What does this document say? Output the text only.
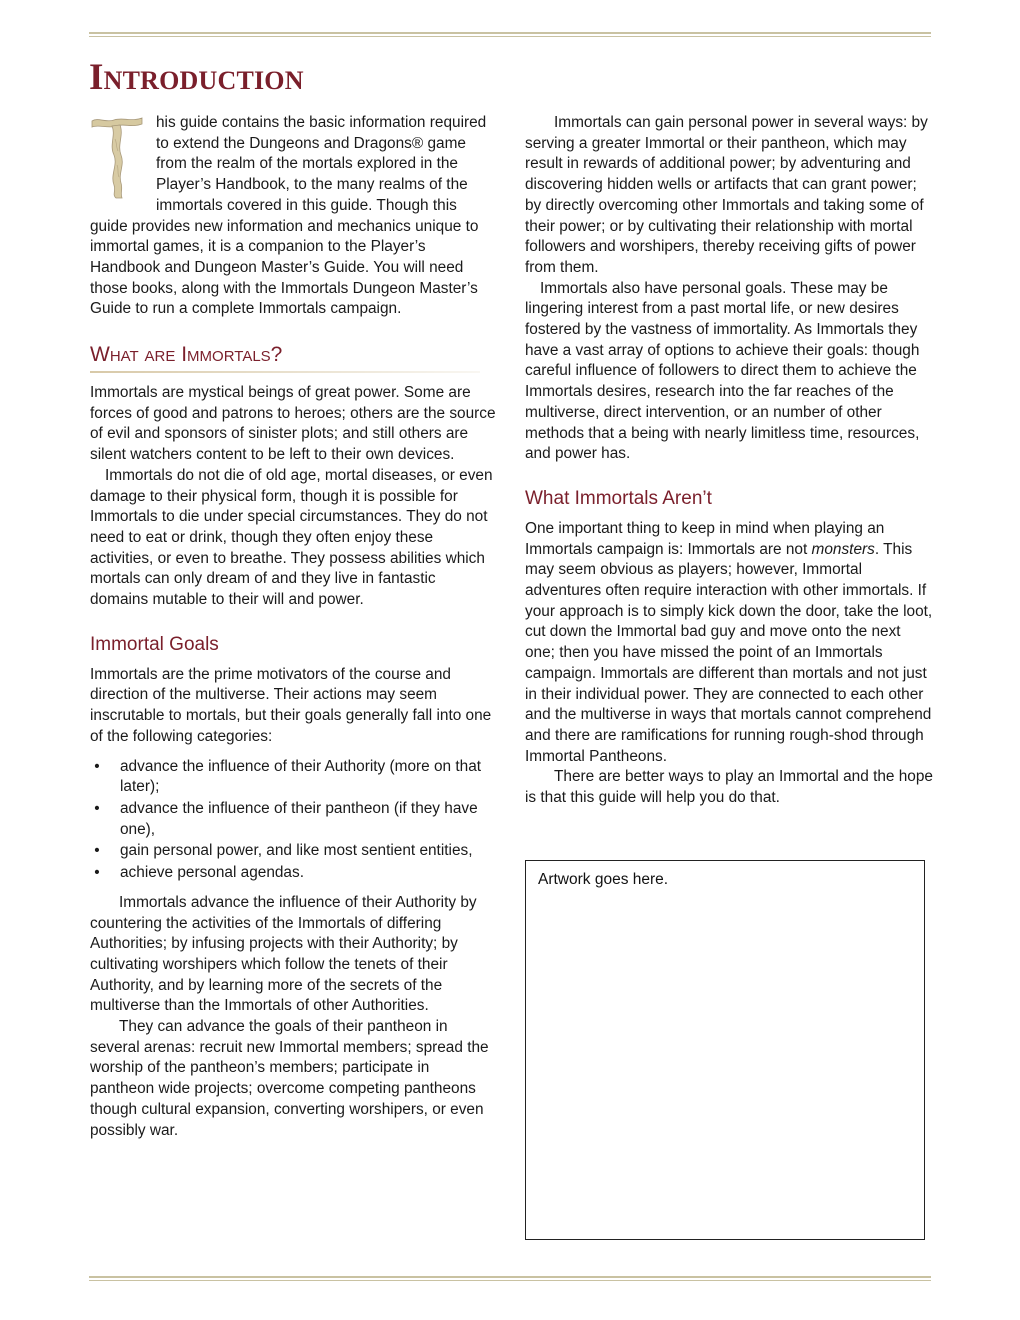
Introduction

his guide contains the basic information required to extend the Dungeons and Dragons® game from the realm of the mortals explored in the Player’s Handbook, to the many realms of the immortals covered in this guide. Though this guide provides new information and mechanics unique to immortal games, it is a companion to the Player’s Handbook and Dungeon Master’s Guide. You will need those books, along with the Immortals Dungeon Master’s Guide to run a complete Immortals campaign.

What are Immortals?

Immortals are mystical beings of great power. Some are forces of good and patrons to heroes; others are the source of evil and sponsors of sinister plots; and still others are silent watchers content to be left to their own devices.

Immortals do not die of old age, mortal diseases, or even damage to their physical form, though it is possible for Immortals to die under special circumstances. They do not need to eat or drink, though they often enjoy these activities, or even to breathe. They possess abilities which mortals can only dream of and they live in fantastic domains mutable to their will and power.

Immortal Goals

Immortals are the prime motivators of the course and direction of the multiverse. Their actions may seem inscrutable to mortals, but their goals generally fall into one of the following categories:

• advance the influence of their Authority (more on that later);
• advance the influence of their pantheon (if they have one),
• gain personal power, and like most sentient entities,
• achieve personal agendas.

Immortals advance the influence of their Authority by countering the activities of the Immortals of differing Authorities; by infusing projects with their Authority; by cultivating worshipers which follow the tenets of their Authority, and by learning more of the secrets of the multiverse than the Immortals of other Authorities.

They can advance the goals of their pantheon in several arenas: recruit new Immortal members; spread the worship of the pantheon’s members; participate in pantheon wide projects; overcome competing pantheons though cultural expansion, converting worshipers, or even possibly war.

Immortals can gain personal power in several ways: by serving a greater Immortal or their pantheon, which may result in rewards of additional power; by adventuring and discovering hidden wells or artifacts that can grant power; by directly overcoming other Immortals and taking some of their power; or by cultivating their relationship with mortal followers and worshipers, thereby receiving gifts of power from them.

Immortals also have personal goals. These may be lingering interest from a past mortal life, or new desires fostered by the vastness of immortality. As Immortals they have a vast array of options to achieve their goals: though careful influence of followers to direct them to achieve the Immortals desires, research into the far reaches of the multiverse, direct intervention, or an number of other methods that a being with nearly limitless time, resources, and power has.

What Immortals Aren’t

One important thing to keep in mind when playing an Immortals campaign is: Immortals are not monsters. This may seem obvious as players; however, Immortal adventures often require interaction with other immortals. If your approach is to simply kick down the door, take the loot, cut down the Immortal bad guy and move onto the next one; then you have missed the point of an Immortals campaign. Immortals are different than mortals and not just in their individual power. They are connected to each other and the multiverse in ways that mortals cannot comprehend and there are ramifications for running rough-shod through Immortal Pantheons.

There are better ways to play an Immortal and the hope is that this guide will help you do that.

Artwork goes here.
